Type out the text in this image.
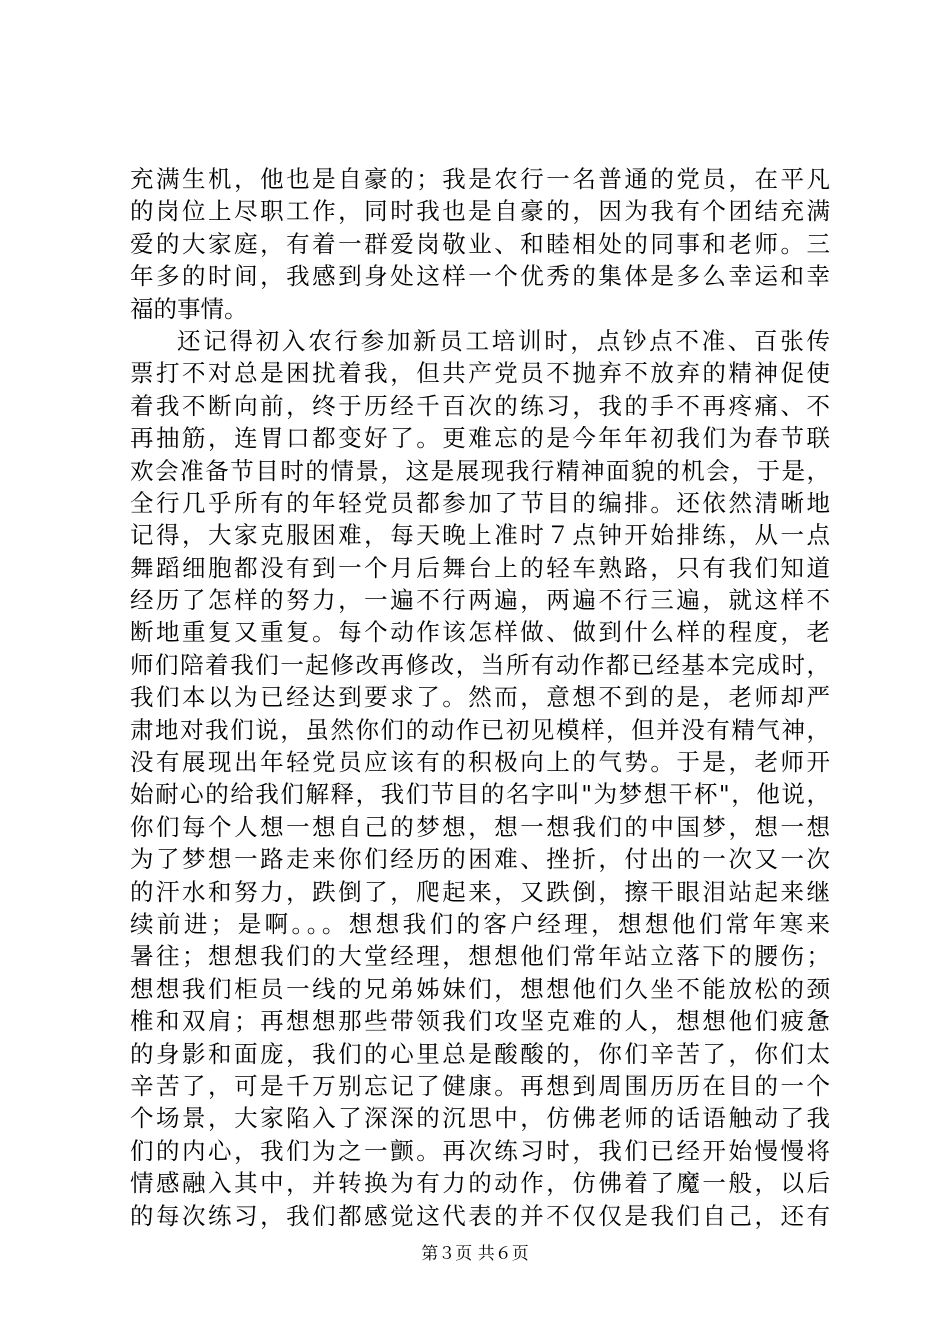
充满生机，他也是自豪的；我是农行一名普通的党员，在平凡
的岗位上尽职工作，同时我也是自豪的，因为我有个团结充满
爱的大家庭，有着一群爱岗敬业、和睦相处的同事和老师。三
年多的时间，我感到身处这样一个优秀的集体是多么幸运和幸
福的事情。
还记得初入农行参加新员工培训时，点钞点不准、百张传
票打不对总是困扰着我，但共产党员不抛弃不放弃的精神促使
着我不断向前，终于历经千百次的练习，我的手不再疼痛、不
再抽筋，连胃口都变好了。更难忘的是今年年初我们为春节联
欢会准备节目时的情景，这是展现我行精神面貌的机会，于是，
全行几乎所有的年轻党员都参加了节目的编排。还依然清晰地
记得，大家克服困难，每天晚上准时７点钟开始排练，从一点
舞蹈细胞都没有到一个月后舞台上的轻车熟路，只有我们知道
经历了怎样的努力，一遍不行两遍，两遍不行三遍，就这样不
断地重复又重复。每个动作该怎样做、做到什么样的程度，老
师们陪着我们一起修改再修改，当所有动作都已经基本完成时，
我们本以为已经达到要求了。然而，意想不到的是，老师却严
肃地对我们说，虽然你们的动作已初见模样，但并没有精气神，
没有展现出年轻党员应该有的积极向上的气势。于是，老师开
始耐心的给我们解释，我们节目的名字叫"为梦想干杯"，他说，
你们每个人想一想自己的梦想，想一想我们的中国梦，想一想
为了梦想一路走来你们经历的困难、挫折，付出的一次又一次
的汗水和努力，跌倒了，爬起来，又跌倒，擦干眼泪站起来继
续前进；是啊。。。想想我们的客户经理，想想他们常年寒来
暑往；想想我们的大堂经理，想想他们常年站立落下的腰伤；
想想我们柜员一线的兄弟姊妹们，想想他们久坐不能放松的颈
椎和双肩；再想想那些带领我们攻坚克难的人，想想他们疲惫
的身影和面庞，我们的心里总是酸酸的，你们辛苦了，你们太
辛苦了，可是千万别忘记了健康。再想到周围历历在目的一个
个场景，大家陷入了深深的沉思中，仿佛老师的话语触动了我
们的内心，我们为之一颤。再次练习时，我们已经开始慢慢将
情感融入其中，并转换为有力的动作，仿佛着了魔一般，以后
的每次练习，我们都感觉这代表的并不仅仅是我们自己，还有
第３页 共６页
